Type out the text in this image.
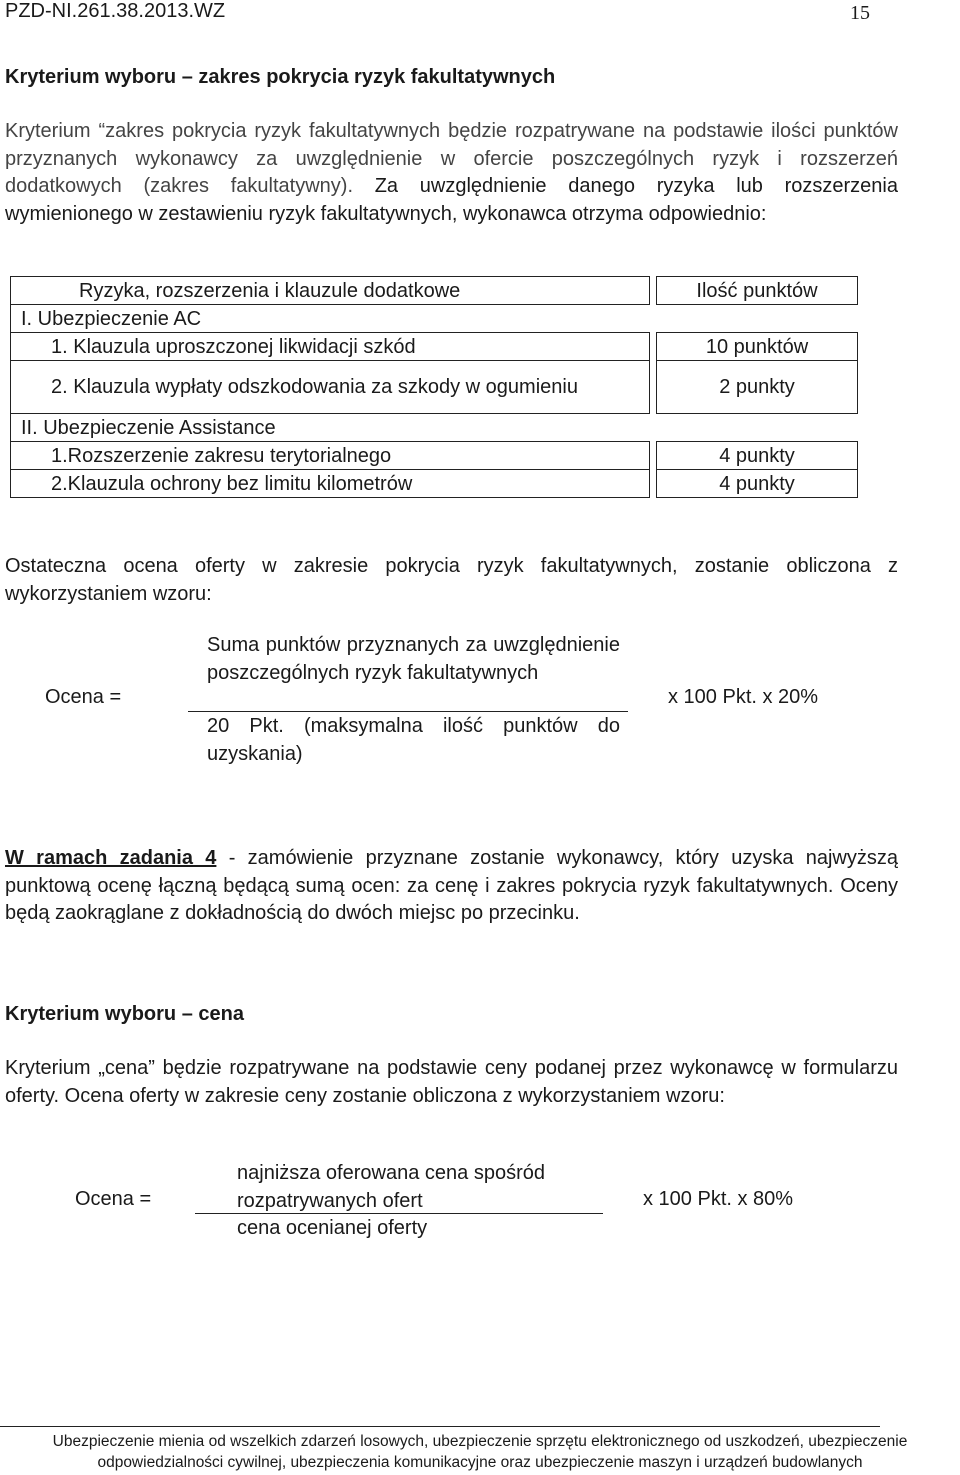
PZD-NI.261.38.2013.WZ	15
Kryterium wyboru – zakres pokrycia ryzyk fakultatywnych
Kryterium “zakres pokrycia ryzyk fakultatywnych będzie rozpatrywane na podstawie ilości punktów przyznanych wykonawcy za uwzględnienie w ofercie poszczególnych ryzyk i rozszerzeń dodatkowych (zakres fakultatywny). Za uwzględnienie danego ryzyka lub rozszerzenia wymienionego w zestawieniu ryzyk fakultatywnych, wykonawca otrzyma odpowiednio:
Ryzyka, rozszerzenia i klauzule dodatkowe		Ilość punktów
I. Ubezpieczenie AC		
1. Klauzula uproszczonej likwidacji szkód		10 punktów
2. Klauzula wypłaty odszkodowania za szkody w ogumieniu		2 punkty
II. Ubezpieczenie Assistance		
1.Rozszerzenie zakresu terytorialnego		4 punkty
2.Klauzula ochrony bez limitu kilometrów		4 punkty
Ostateczna ocena oferty w zakresie pokrycia ryzyk fakultatywnych, zostanie obliczona z wykorzystaniem wzoru:
Ocena =
Suma punktów przyznanych za uwzględnienie poszczególnych ryzyk fakultatywnych
20 Pkt. (maksymalna ilość punktów do uzyskania)
x 100 Pkt. x 20%
W ramach zadania 4 - zamówienie przyznane zostanie wykonawcy, który uzyska najwyższą punktową ocenę łączną będącą sumą ocen: za cenę i zakres pokrycia ryzyk fakultatywnych. Oceny będą zaokrąglane z dokładnością do dwóch miejsc po przecinku.
Kryterium wyboru – cena
Kryterium „cena” będzie rozpatrywane na podstawie ceny podanej przez wykonawcę w formularzu oferty. Ocena oferty w zakresie ceny zostanie obliczona z wykorzystaniem wzoru:
Ocena =
najniższa oferowana cena spośród rozpatrywanych ofert
cena ocenianej oferty
x 100 Pkt. x 80%
Ubezpieczenie mienia od wszelkich zdarzeń losowych, ubezpieczenie sprzętu elektronicznego od uszkodzeń, ubezpieczenie
odpowiedzialności cywilnej, ubezpieczenia komunikacyjne oraz ubezpieczenie maszyn i urządzeń budowlanych
